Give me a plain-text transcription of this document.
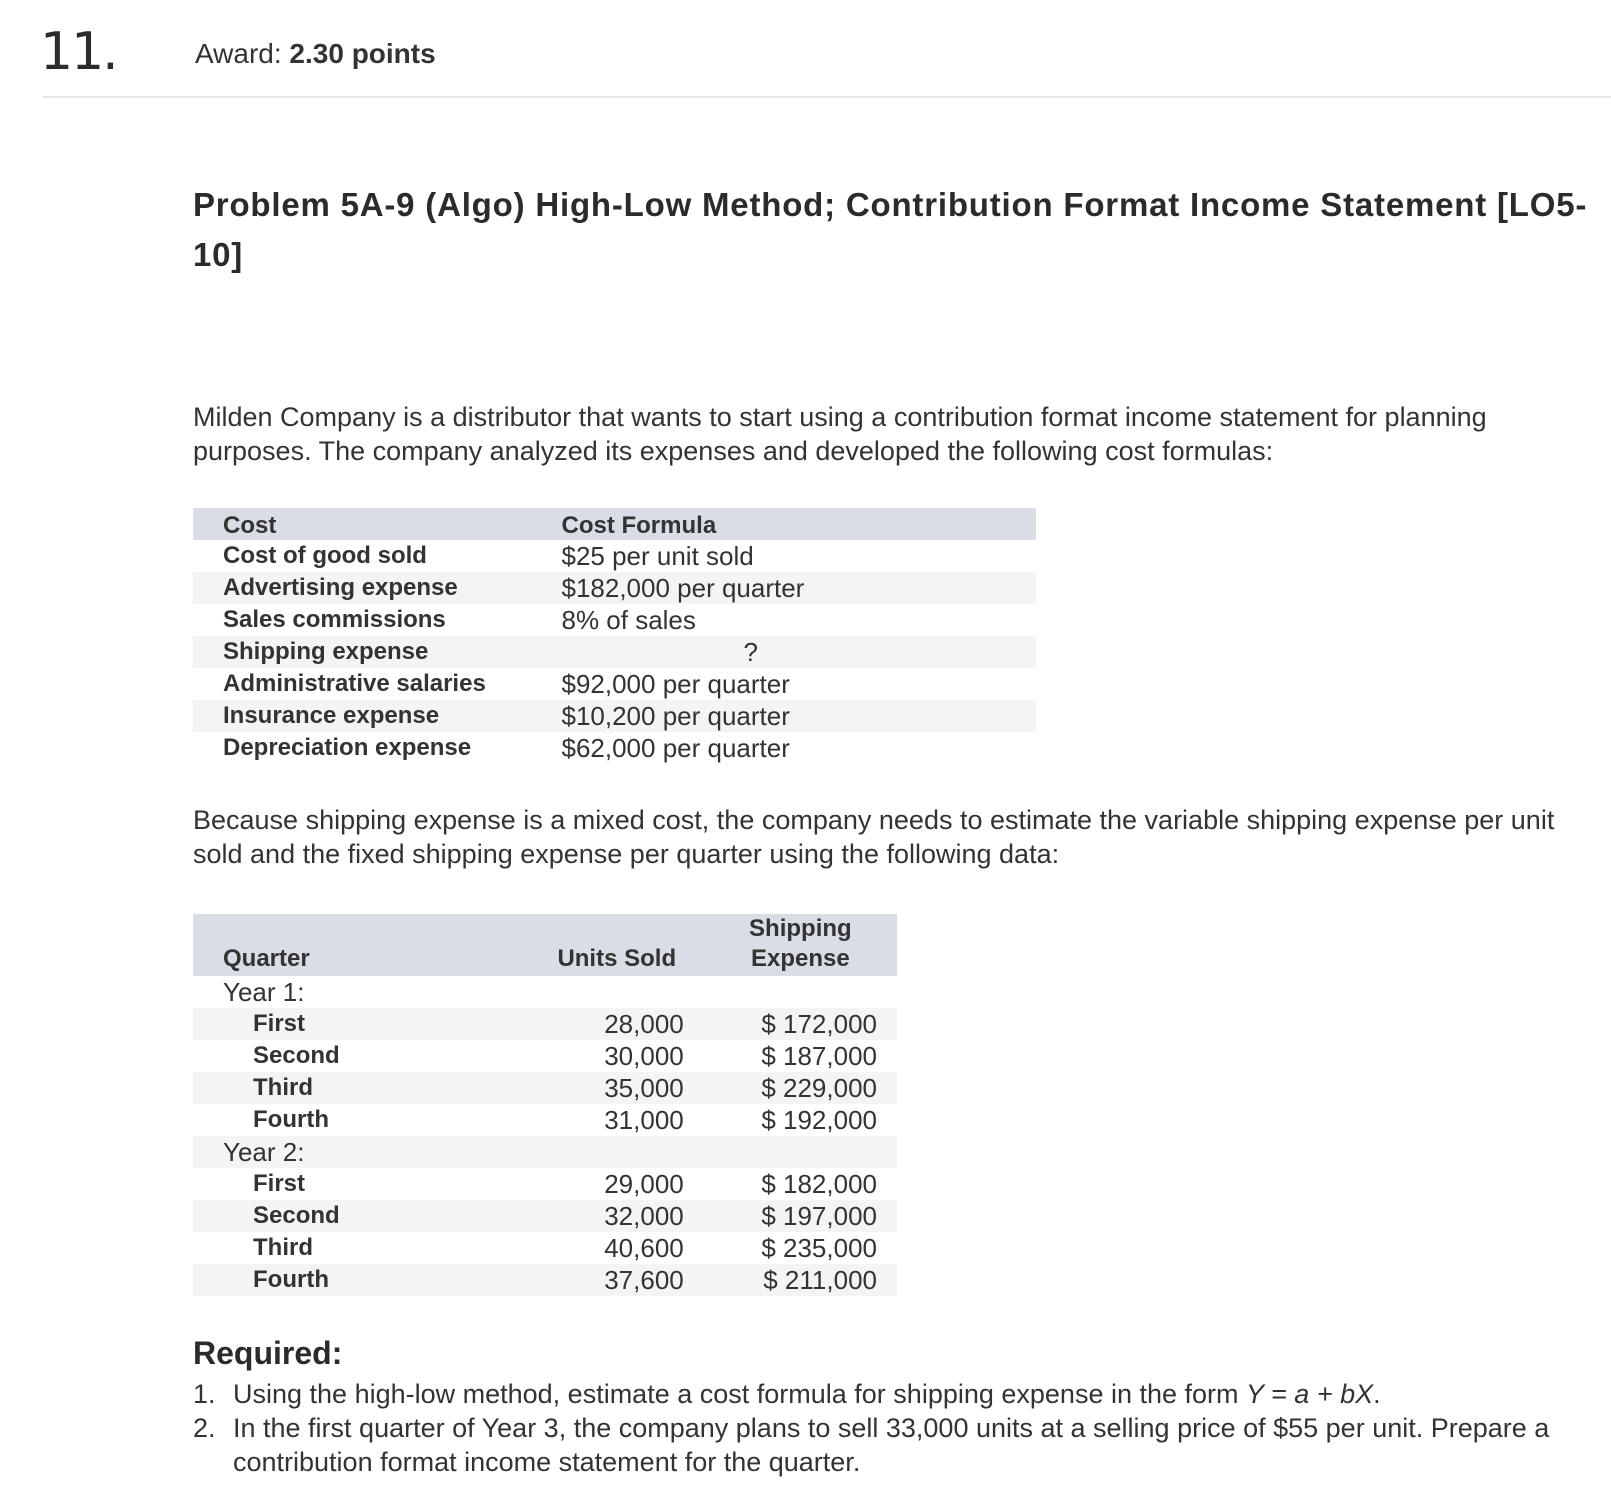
11.	Award: 2.30 points
Problem 5A-9 (Algo) High-Low Method; Contribution Format Income Statement [LO5-10]
Milden Company is a distributor that wants to start using a contribution format income statement for planning purposes. The company analyzed its expenses and developed the following cost formulas:
Cost	Cost Formula
Cost of good sold	$25 per unit sold
Advertising expense	$182,000 per quarter
Sales commissions	8% of sales
Shipping expense	?
Administrative salaries	$92,000 per quarter
Insurance expense	$10,200 per quarter
Depreciation expense	$62,000 per quarter
Because shipping expense is a mixed cost, the company needs to estimate the variable shipping expense per unit sold and the fixed shipping expense per quarter using the following data:
Quarter	Units Sold	Shipping
Expense
Year 1:		
First	28,000	$ 172,000
Second	30,000	$ 187,000
Third	35,000	$ 229,000
Fourth	31,000	$ 192,000
Year 2:		
First	29,000	$ 182,000
Second	32,000	$ 197,000
Third	40,600	$ 235,000
Fourth	37,600	$ 211,000
Required:
1. Using the high-low method, estimate a cost formula for shipping expense in the form Y = a + bX.
2. In the first quarter of Year 3, the company plans to sell 33,000 units at a selling price of $55 per unit. Prepare a contribution format income statement for the quarter.
